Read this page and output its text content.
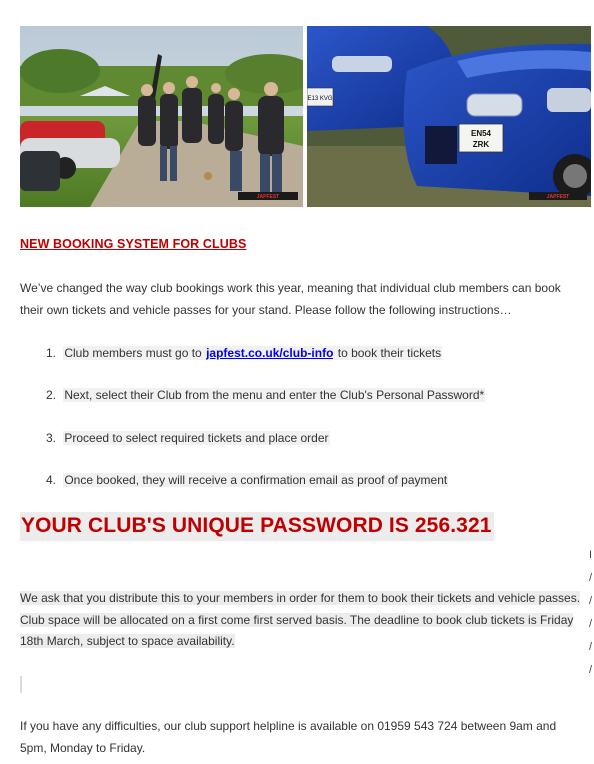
JAPFEST
E13 KVG
EN54
ZRK
JAPFEST
NEW BOOKING SYSTEM FOR CLUBS
We’ve changed the way club bookings work this year, meaning that individual club members can book their own tickets and vehicle passes for your stand. Please follow the following instructions…
1. Club members must go to japfest.co.uk/club-info to book their tickets
2. Next, select their Club from the menu and enter the Club's Personal Password*
3. Proceed to select required tickets and place order
4. Once booked, they will receive a confirmation email as proof of payment
YOUR CLUB'S UNIQUE PASSWORD IS 256.321
We ask that you distribute this to your members in order for them to book their tickets and vehicle passes. Club space will be allocated on a first come first served basis. The deadline to book club tickets is Friday 18th March, subject to space availability.
If you have any difficulties, our club support helpline is available on 01959 543 724 between 9am and 5pm, Monday to Friday.
I
/
/
/
/
/
